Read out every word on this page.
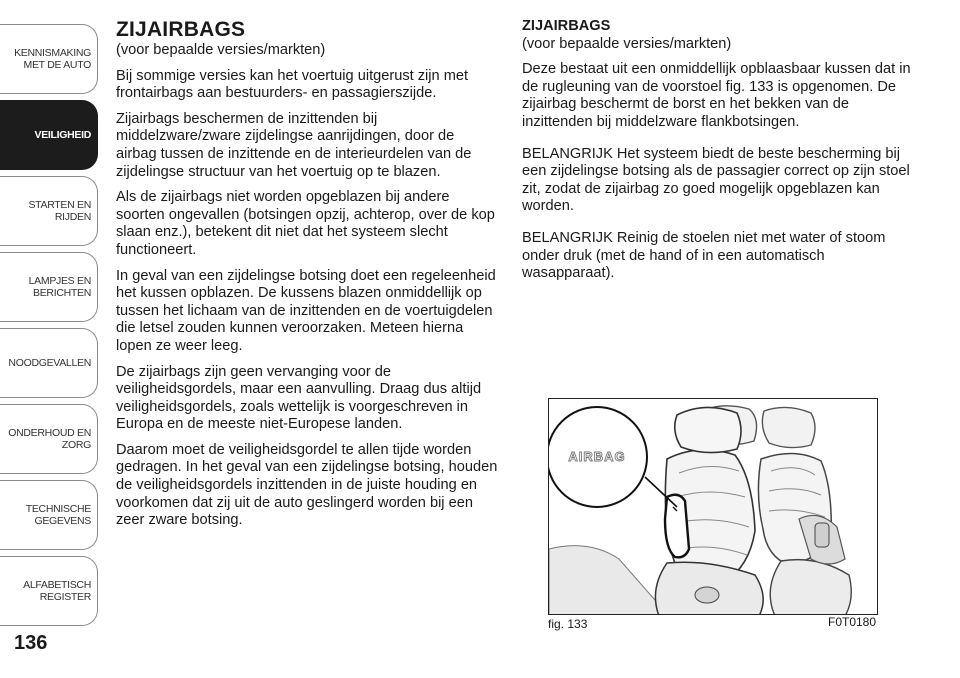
KENNISMAKING
MET DE AUTO
VEILIGHEID
STARTEN EN RIJDEN
LAMPJES EN
BERICHTEN
NOODGEVALLEN
ONDERHOUD EN
ZORG
TECHNISCHE
GEGEVENS
ALFABETISCH
REGISTER
136
ZIJAIRBAGS

(voor bepaalde versies/markten)

Bij sommige versies kan het voertuig uitgerust zijn met frontairbags aan bestuurders- en passagierszijde.

Zijairbags beschermen de inzittenden bij middelzware/zware zijdelingse aanrijdingen, door de airbag tussen de inzittende en de interieurdelen van de zijdelingse structuur van het voertuig op te blazen.

Als de zijairbags niet worden opgeblazen bij andere soorten ongevallen (botsingen opzij, achterop, over de kop slaan enz.), betekent dit niet dat het systeem slecht functioneert.

In geval van een zijdelingse botsing doet een regeleenheid het kussen opblazen. De kussens blazen onmiddellijk op tussen het lichaam van de inzittenden en de voertuigdelen die letsel zouden kunnen veroorzaken. Meteen hierna lopen ze weer leeg.

De zijairbags zijn geen vervanging voor de veiligheidsgordels, maar een aanvulling. Draag dus altijd veiligheidsgordels, zoals wettelijk is voorgeschreven in Europa en de meeste niet-Europese landen.

Daarom moet de veiligheidsgordel te allen tijde worden gedragen. In het geval van een zijdelingse botsing, houden de veiligheidsgordels inzittenden in de juiste houding en voorkomen dat zij uit de auto geslingerd worden bij een zeer zware botsing.

ZIJAIRBAGS

(voor bepaalde versies/markten)

Deze bestaat uit een onmiddellijk opblaasbaar kussen dat in de rugleuning van de voorstoel fig. 133 is opgenomen. De zijairbag beschermt de borst en het bekken van de inzittenden bij middelzware flankbotsingen.

BELANGRIJK Het systeem biedt de beste bescherming bij een zijdelingse botsing als de passagier correct op zijn stoel zit, zodat de zijairbag zo goed mogelijk opgeblazen kan worden.

BELANGRIJK Reinig de stoelen niet met water of stoom onder druk (met de hand of in een automatisch wasapparaat).

AIRBAG
fig. 133	F0T0180
